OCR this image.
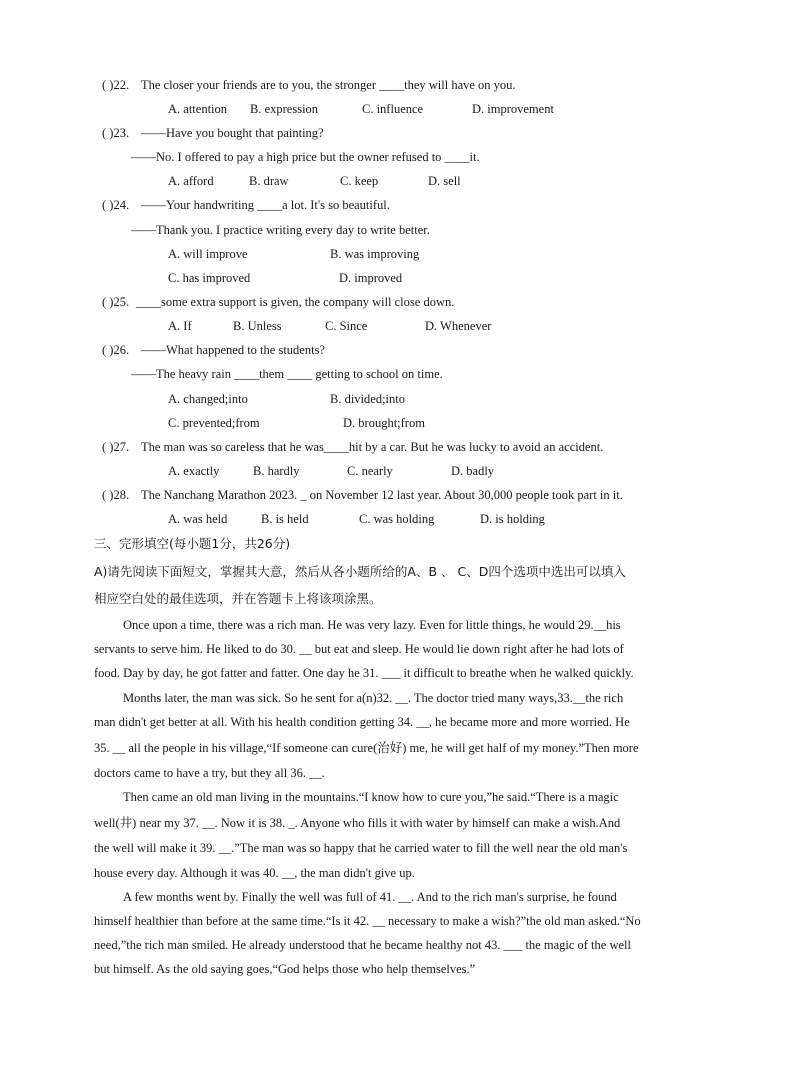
( )22. The closer your friends are to you, the stronger ____they will have on you.
A. attention B. expression	C. influence	D. improvement
( )23. ——Have you bought that painting?
——No. I offered to pay a high price but the owner refused to ____it.
A. afford	B. draw	C. keep	D. sell
( )24. ——Your handwriting ____a lot. It's so beautiful.
——Thank you. I practice writing every day to write better.
A. will improve	B. was improving
C. has improved	D. improved
( )25. ____some extra support is given, the company will close down.
A. If	B. Unless	C. Since	D. Whenever
( )26. ——What happened to the students?
——The heavy rain ____them ____ getting to school on time.
A. changed;into	B. divided;into
C. prevented;from	D. brought;from
( )27. The man was so careless that he was____hit by a car. But he was lucky to avoid an accident.
A. exactly	B. hardly	C. nearly	D. badly
( )28. The Nanchang Marathon 2023. _ on November 12 last year. About 30,000 people took part in it.
A. was held	B. is held	C. was holding	D. is holding
三、完形填空(每小题1分，共26分)
A)请先阅读下面短文，掌握其大意，然后从各小题所给的A、B 、 C、D四个选项中选出可以填入
相应空白处的最佳选项，并在答题卡上将该项涂黑。
Once upon a time, there was a rich man. He was very lazy. Even for little things, he would 29.__his
servants to serve him. He liked to do 30. __ but eat and sleep. He would lie down right after he had lots of
food. Day by day, he got fatter and fatter. One day he 31. ___ it difficult to breathe when he walked quickly.
Months later, the man was sick. So he sent for a(n)32. __. The doctor tried many ways,33.__the rich
man didn't get better at all. With his health condition getting 34. __, he became more and more worried. He
35. __ all the people in his village,“If someone can cure(治好) me, he will get half of my money.”Then more
doctors came to have a try, but they all 36. __.
Then came an old man living in the mountains.“I know how to cure you,”he said.“There is a magic
well(井) near my 37. __. Now it is 38. _. Anyone who fills it with water by himself can make a wish.And
the well will make it 39. __.”The man was so happy that he carried water to fill the well near the old man's
house every day. Although it was 40. __, the man didn't give up.
A few months went by. Finally the well was full of 41. __. And to the rich man's surprise, he found
himself healthier than before at the same time.“Is it 42. __ necessary to make a wish?”the old man asked.“No
need,”the rich man smiled. He already understood that he became healthy not 43. ___ the magic of the well
but himself. As the old saying goes,“God helps those who help themselves.”
